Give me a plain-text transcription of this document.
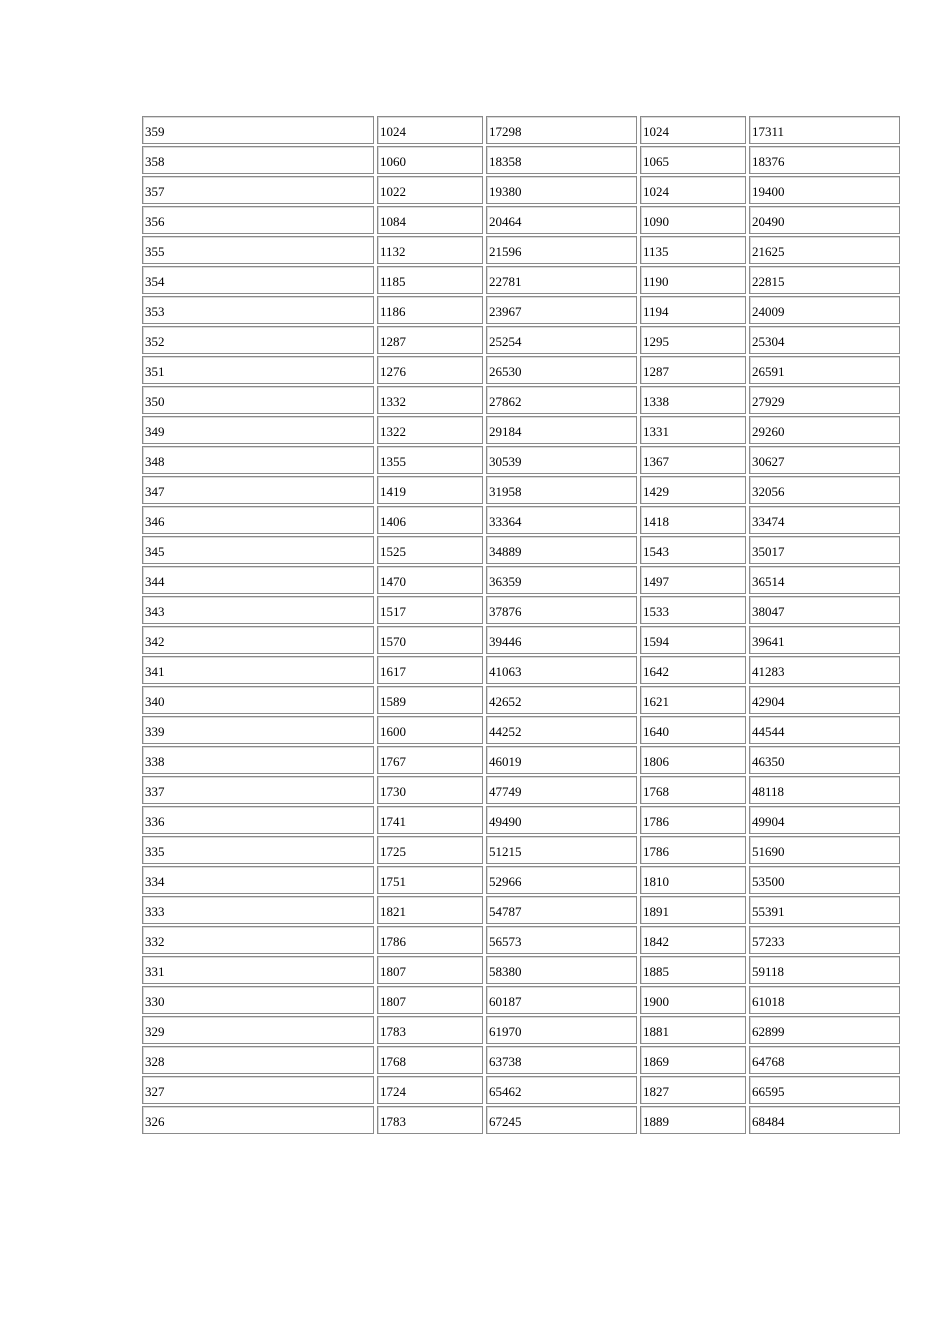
359	1024	17298	1024	17311

358	1060	18358	1065	18376

357	1022	19380	1024	19400

356	1084	20464	1090	20490

355	1132	21596	1135	21625

354	1185	22781	1190	22815

353	1186	23967	1194	24009

352	1287	25254	1295	25304

351	1276	26530	1287	26591

350	1332	27862	1338	27929

349	1322	29184	1331	29260

348	1355	30539	1367	30627

347	1419	31958	1429	32056

346	1406	33364	1418	33474

345	1525	34889	1543	35017

344	1470	36359	1497	36514

343	1517	37876	1533	38047

342	1570	39446	1594	39641

341	1617	41063	1642	41283

340	1589	42652	1621	42904

339	1600	44252	1640	44544

338	1767	46019	1806	46350

337	1730	47749	1768	48118

336	1741	49490	1786	49904

335	1725	51215	1786	51690

334	1751	52966	1810	53500

333	1821	54787	1891	55391

332	1786	56573	1842	57233

331	1807	58380	1885	59118

330	1807	60187	1900	61018

329	1783	61970	1881	62899

328	1768	63738	1869	64768

327	1724	65462	1827	66595

326	1783	67245	1889	68484
